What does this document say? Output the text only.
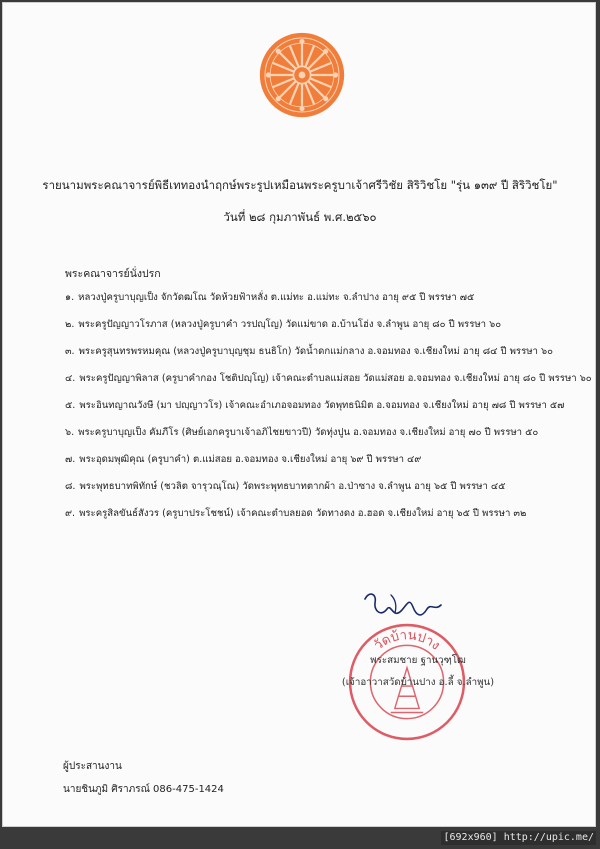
รายนามพระคณาจารย์พิธีเททองนำฤกษ์พระรูปเหมือนพระครูบาเจ้าศรีวิชัย สิริวิชโย "รุ่น ๑๓๙ ปี สิริวิชโย"
วันที่ ๒๘ กุมภาพันธ์ พ.ศ.๒๕๖๐
พระคณาจารย์นั่งปรก
๑. หลวงปู่ครูบาบุญเป็ง จักวัดฒโณ วัดห้วยฟ้าหลั่ง ต.แม่ทะ อ.แม่ทะ จ.ลำปาง อายุ ๙๕ ปี พรรษา ๗๕
๒. พระครูปัญญาวโรภาส (หลวงปู่ครูบาคำ วรปญฺโญ) วัดแม่ขาด อ.บ้านโฮ่ง จ.ลำพูน อายุ ๘๐ ปี พรรษา ๖๐
๓. พระครูสุนทรพรหมคุณ (หลวงปู่ครูบาบุญชุม ธนธิโก) วัดน้ำดกแม่กลาง อ.จอมทอง จ.เชียงใหม่ อายุ ๘๔ ปี พรรษา ๖๐
๔. พระครูปัญญาพิลาส (ครูบาคำกอง โชติปญฺโญ) เจ้าคณะตำบลแม่สอย วัดแม่สอย อ.จอมทอง จ.เชียงใหม่ อายุ ๘๐ ปี พรรษา ๖๐
๕. พระอินทญาณวังษี (มา ปญฺญาวโร) เจ้าคณะอำเภอจอมทอง วัดพุทธนิมิต อ.จอมทอง จ.เชียงใหม่ อายุ ๗๘ ปี พรรษา ๕๗
๖. พระครูบาบุญเป็ง คัมภีโร (ศิษย์เอกครูบาเจ้าอภิไชยขาวปี) วัดทุ่งปูน อ.จอมทอง จ.เชียงใหม่ อายุ ๗๐ ปี พรรษา ๕๐
๗. พระอุดมพุฒิคุณ (ครูบาคำ) ต.แม่สอย อ.จอมทอง จ.เชียงใหม่ อายุ ๖๙ ปี พรรษา ๔๙
๘. พระพุทธบาทพิทักษ์ (ชวลิต จารุวณฺโณ) วัดพระพุทธบาทตากผ้า อ.ป่าซาง จ.ลำพูน อายุ ๖๕ ปี พรรษา ๔๕
๙. พระครูสิลขันธ์สังวร (ครูบาประโชชน์) เจ้าคณะตำบลยอด วัดทางดง อ.ฮอด จ.เชียงใหม่ อายุ ๖๕ ปี พรรษา ๓๒
วัดบ้านปาง
พระสมชาย ฐานวุฑฺโฒ
(เจ้าอาวาสวัดบ้านปาง อ.ลี้ จ.ลำพูน)
ผู้ประสานงาน
นายชินภูมิ ศิราภรณ์ 086-475-1424
[692x960] http://upic.me/
